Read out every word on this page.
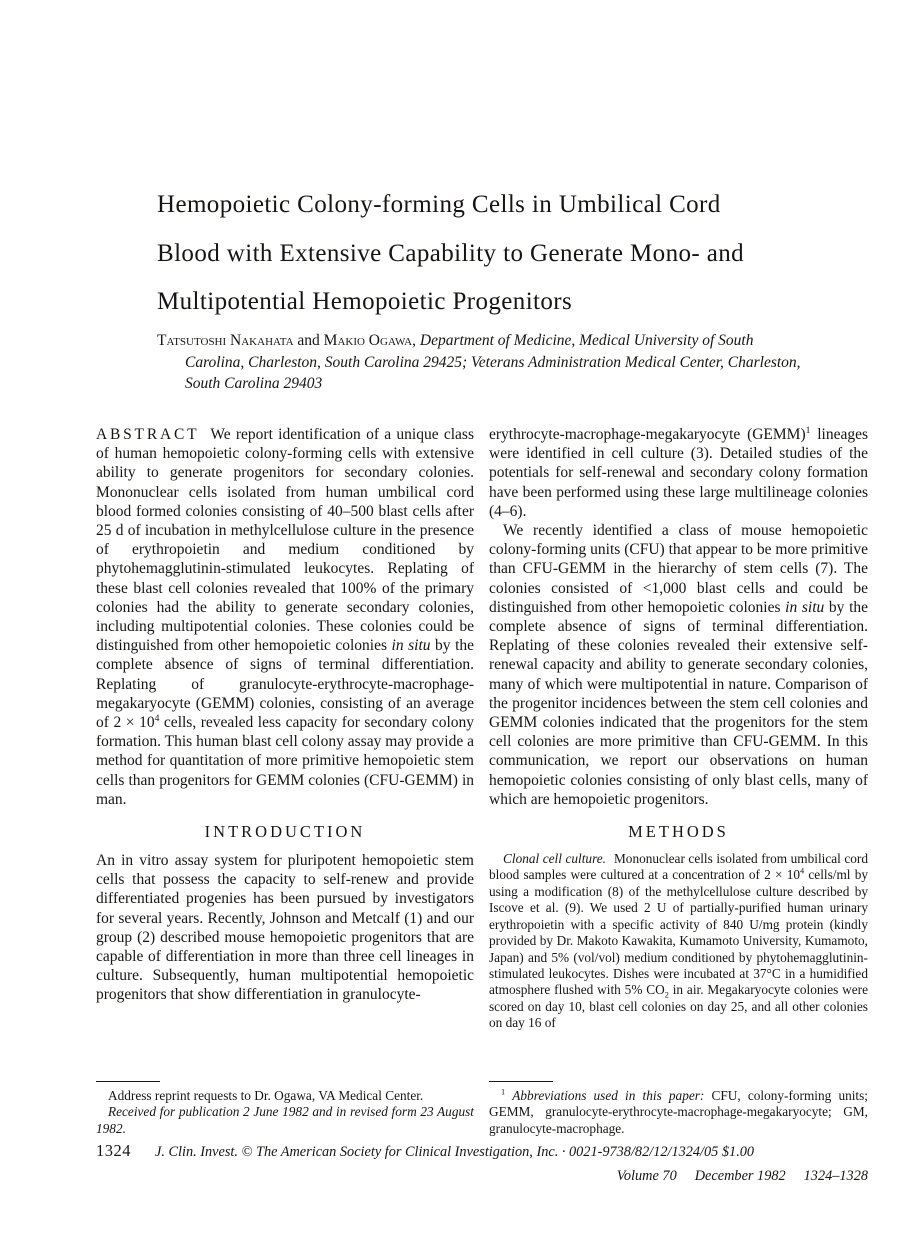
Hemopoietic Colony-forming Cells in Umbilical Cord
Blood with Extensive Capability to Generate Mono- and
Multipotential Hemopoietic Progenitors
Tatsutoshi Nakahata and Makio Ogawa, Department of Medicine, Medical University of South Carolina, Charleston, South Carolina 29425; Veterans Administration Medical Center, Charleston, South Carolina 29403

ABSTRACT We report identification of a unique class of human hemopoietic colony-forming cells with extensive ability to generate progenitors for secondary colonies. Mononuclear cells isolated from human umbilical cord blood formed colonies consisting of 40–500 blast cells after 25 d of incubation in methylcellulose culture in the presence of erythropoietin and medium conditioned by phytohemagglutinin-stimulated leukocytes. Replating of these blast cell colonies revealed that 100% of the primary colonies had the ability to generate secondary colonies, including multipotential colonies. These colonies could be distinguished from other hemopoietic colonies in situ by the complete absence of signs of terminal differentiation. Replating of granulocyte-erythrocyte-macrophage-megakaryocyte (GEMM) colonies, consisting of an average of $2 \times 10^4$ cells, revealed less capacity for secondary colony formation. This human blast cell colony assay may provide a method for quantitation of more primitive hemopoietic stem cells than progenitors for GEMM colonies (CFU-GEMM) in man.

INTRODUCTION

An in vitro assay system for pluripotent hemopoietic stem cells that possess the capacity to self-renew and provide differentiated progenies has been pursued by investigators for several years. Recently, Johnson and Metcalf (1) and our group (2) described mouse hemopoietic progenitors that are capable of differentiation in more than three cell lineages in culture. Subsequently, human multipotential hemopoietic progenitors that show differentiation in granulocyte-

Address reprint requests to Dr. Ogawa, VA Medical Center.

Received for publication 2 June 1982 and in revised form 23 August 1982.

erythrocyte-macrophage-megakaryocyte (GEMM)$^1$ lineages were identified in cell culture (3). Detailed studies of the potentials for self-renewal and secondary colony formation have been performed using these large multilineage colonies (4–6).

We recently identified a class of mouse hemopoietic colony-forming units (CFU) that appear to be more primitive than CFU-GEMM in the hierarchy of stem cells (7). The colonies consisted of <1,000 blast cells and could be distinguished from other hemopoietic colonies in situ by the complete absence of signs of terminal differentiation. Replating of these colonies revealed their extensive self-renewal capacity and ability to generate secondary colonies, many of which were multipotential in nature. Comparison of the progenitor incidences between the stem cell colonies and GEMM colonies indicated that the progenitors for the stem cell colonies are more primitive than CFU-GEMM. In this communication, we report our observations on human hemopoietic colonies consisting of only blast cells, many of which are hemopoietic progenitors.

METHODS

Clonal cell culture. Mononuclear cells isolated from umbilical cord blood samples were cultured at a concentration of $2 \times 10^4$ cells/ml by using a modification (8) of the methylcellulose culture described by Iscove et al. (9). We used 2 U of partially-purified human urinary erythropoietin with a specific activity of 840 U/mg protein (kindly provided by Dr. Makoto Kawakita, Kumamoto University, Kumamoto, Japan) and 5% (vol/vol) medium conditioned by phytohemagglutinin-stimulated leukocytes. Dishes were incubated at 37°C in a humidified atmosphere flushed with 5% $CO_2$ in air. Megakaryocyte colonies were scored on day 10, blast cell colonies on day 25, and all other colonies on day 16 of

$^1$ Abbreviations used in this paper: CFU, colony-forming units; GEMM, granulocyte-erythrocyte-macrophage-megakaryocyte; GM, granulocyte-macrophage.

1324 J. Clin. Invest. © The American Society for Clinical Investigation, Inc. · 0021-9738/82/12/1324/05 $1.00
Volume 70 December 1982 1324–1328
